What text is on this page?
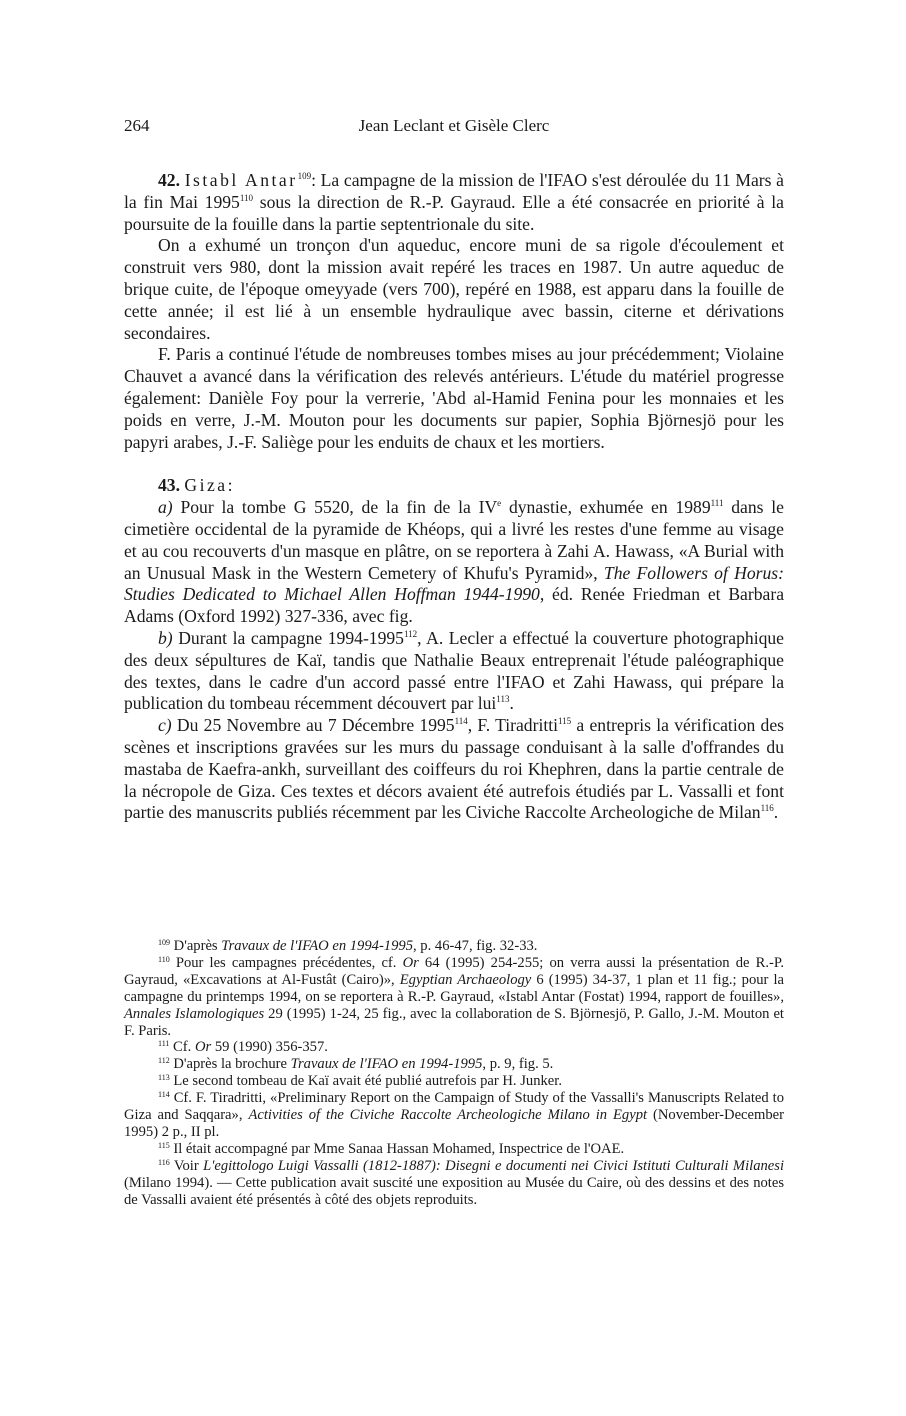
264	Jean Leclant et Gisèle Clerc

42. Istabl Antar$^{109}$: La campagne de la mission de l'IFAO s'est déroulée du 11 Mars à la fin Mai 1995$^{110}$ sous la direction de R.-P. Gayraud. Elle a été consacrée en priorité à la poursuite de la fouille dans la partie septentrionale du site.

On a exhumé un tronçon d'un aqueduc, encore muni de sa rigole d'écoulement et construit vers 980, dont la mission avait repéré les traces en 1987. Un autre aqueduc de brique cuite, de l'époque omeyyade (vers 700), repéré en 1988, est apparu dans la fouille de cette année; il est lié à un ensemble hydraulique avec bassin, citerne et dérivations secondaires.

F. Paris a continué l'étude de nombreuses tombes mises au jour précédemment; Violaine Chauvet a avancé dans la vérification des relevés antérieurs. L'étude du matériel progresse également: Danièle Foy pour la verrerie, 'Abd al-Hamid Fenina pour les monnaies et les poids en verre, J.-M. Mouton pour les documents sur papier, Sophia Björnesjö pour les papyri arabes, J.-F. Saliège pour les enduits de chaux et les mortiers.

43. Giza:

a) Pour la tombe G 5520, de la fin de la IVe dynastie, exhumée en 1989$^{111}$ dans le cimetière occidental de la pyramide de Khéops, qui a livré les restes d'une femme au visage et au cou recouverts d'un masque en plâtre, on se reportera à Zahi A. Hawass, «A Burial with an Unusual Mask in the Western Cemetery of Khufu's Pyramid», The Followers of Horus: Studies Dedicated to Michael Allen Hoffman 1944-1990, éd. Renée Friedman et Barbara Adams (Oxford 1992) 327-336, avec fig.

b) Durant la campagne 1994-1995$^{112}$, A. Lecler a effectué la couverture photographique des deux sépultures de Kaï, tandis que Nathalie Beaux entreprenait l'étude paléographique des textes, dans le cadre d'un accord passé entre l'IFAO et Zahi Hawass, qui prépare la publication du tombeau récemment découvert par lui$^{113}$.

c) Du 25 Novembre au 7 Décembre 1995$^{114}$, F. Tiradritti$^{115}$ a entrepris la vérification des scènes et inscriptions gravées sur les murs du passage conduisant à la salle d'offrandes du mastaba de Kaefra-ankh, surveillant des coiffeurs du roi Khephren, dans la partie centrale de la nécropole de Giza. Ces textes et décors avaient été autrefois étudiés par L. Vassalli et font partie des manuscrits publiés récemment par les Civiche Raccolte Archeologiche de Milan$^{116}$.

$^{109}$ D'après Travaux de l'IFAO en 1994-1995, p. 46-47, fig. 32-33.

$^{110}$ Pour les campagnes précédentes, cf. Or 64 (1995) 254-255; on verra aussi la présentation de R.-P. Gayraud, «Excavations at Al-Fustât (Cairo)», Egyptian Archaeology 6 (1995) 34-37, 1 plan et 11 fig.; pour la campagne du printemps 1994, on se reportera à R.-P. Gayraud, «Istabl Antar (Fostat) 1994, rapport de fouilles», Annales Islamologiques 29 (1995) 1-24, 25 fig., avec la collaboration de S. Björnesjö, P. Gallo, J.-M. Mouton et F. Paris.

$^{111}$ Cf. Or 59 (1990) 356-357.

$^{112}$ D'après la brochure Travaux de l'IFAO en 1994-1995, p. 9, fig. 5.

$^{113}$ Le second tombeau de Kaï avait été publié autrefois par H. Junker.

$^{114}$ Cf. F. Tiradritti, «Preliminary Report on the Campaign of Study of the Vassalli's Manuscripts Related to Giza and Saqqara», Activities of the Civiche Raccolte Archeologiche Milano in Egypt (November-December 1995) 2 p., II pl.

$^{115}$ Il était accompagné par Mme Sanaa Hassan Mohamed, Inspectrice de l'OAE.

$^{116}$ Voir L'egittologo Luigi Vassalli (1812-1887): Disegni e documenti nei Civici Istituti Culturali Milanesi (Milano 1994). — Cette publication avait suscité une exposition au Musée du Caire, où des dessins et des notes de Vassalli avaient été présentés à côté des objets reproduits.
